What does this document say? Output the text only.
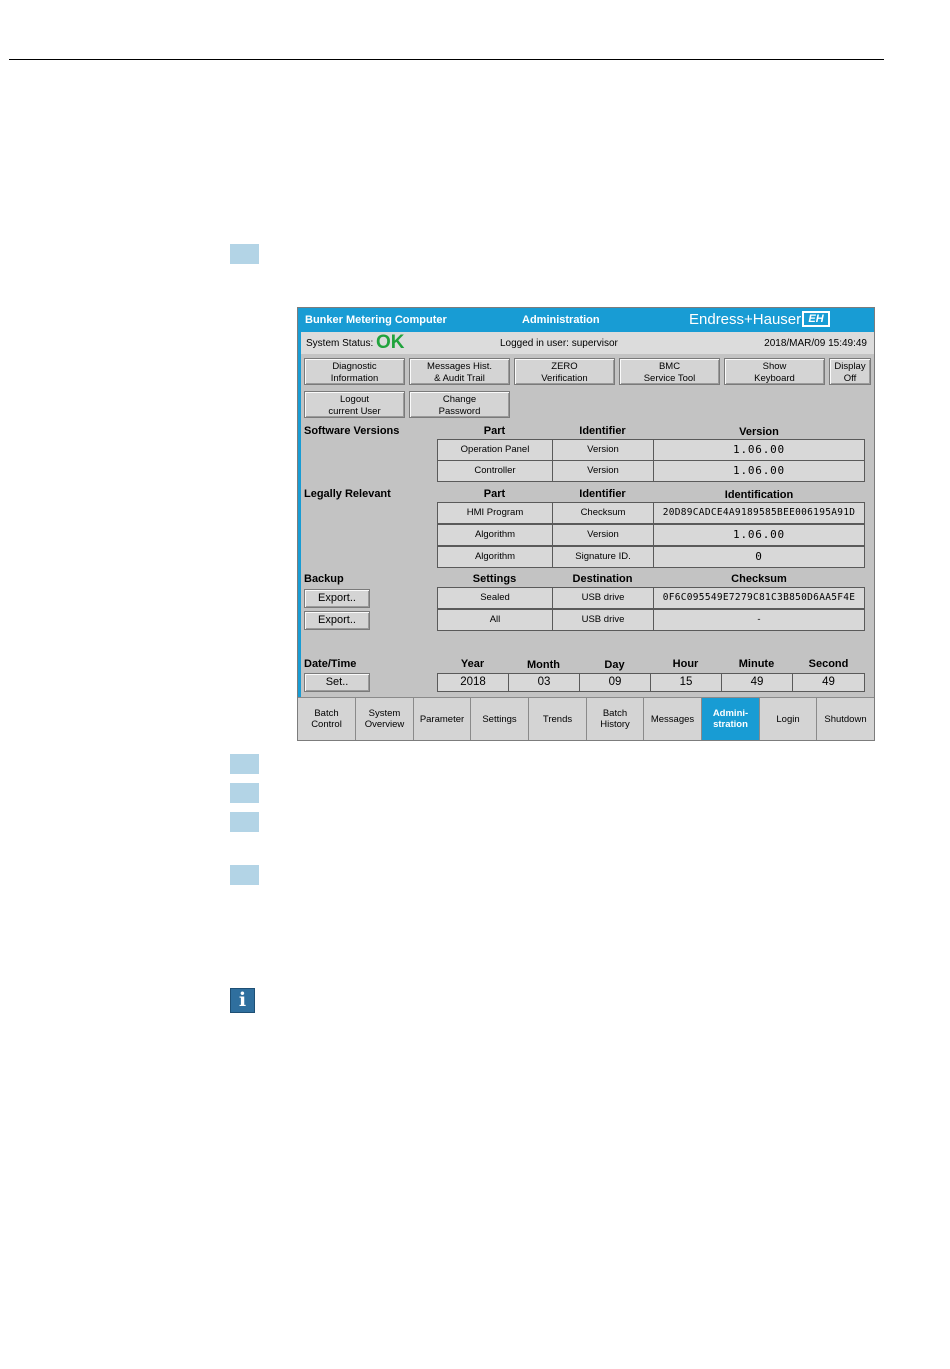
i
Bunker Metering Computer	Administration	Endress+Hauser EH
System Status: OK	Logged in user: supervisor	2018/MAR/09 15:49:49
Diagnostic
Information
Messages Hist.
& Audit Trail
ZERO
Verification
BMC
Service Tool
Show
Keyboard
Display
Off
Logout
current User
Change
Password
Software Versions	Part	Identifier	Version
Operation Panel	Version	1.06.00
Controller	Version	1.06.00
Legally Relevant	Part	Identifier	Identification
HMI Program	Checksum	20D89CADCE4A9189585BEE006195A91D
Algorithm	Version	1.06.00
Algorithm	Signature ID.	0
Backup	Settings	Destination	Checksum
Export..
Export..
Sealed	USB drive	0F6C095549E7279C81C3B850D6AA5F4E
All	USB drive	-
Date/Time	Year	Month	Day	Hour	Minute	Second
Set..	2018	03	09	15	49	49
Batch
Control
System
Overview	Parameter	Settings	Trends	Batch
History	Messages	Admini-
stration	Login	Shutdown
